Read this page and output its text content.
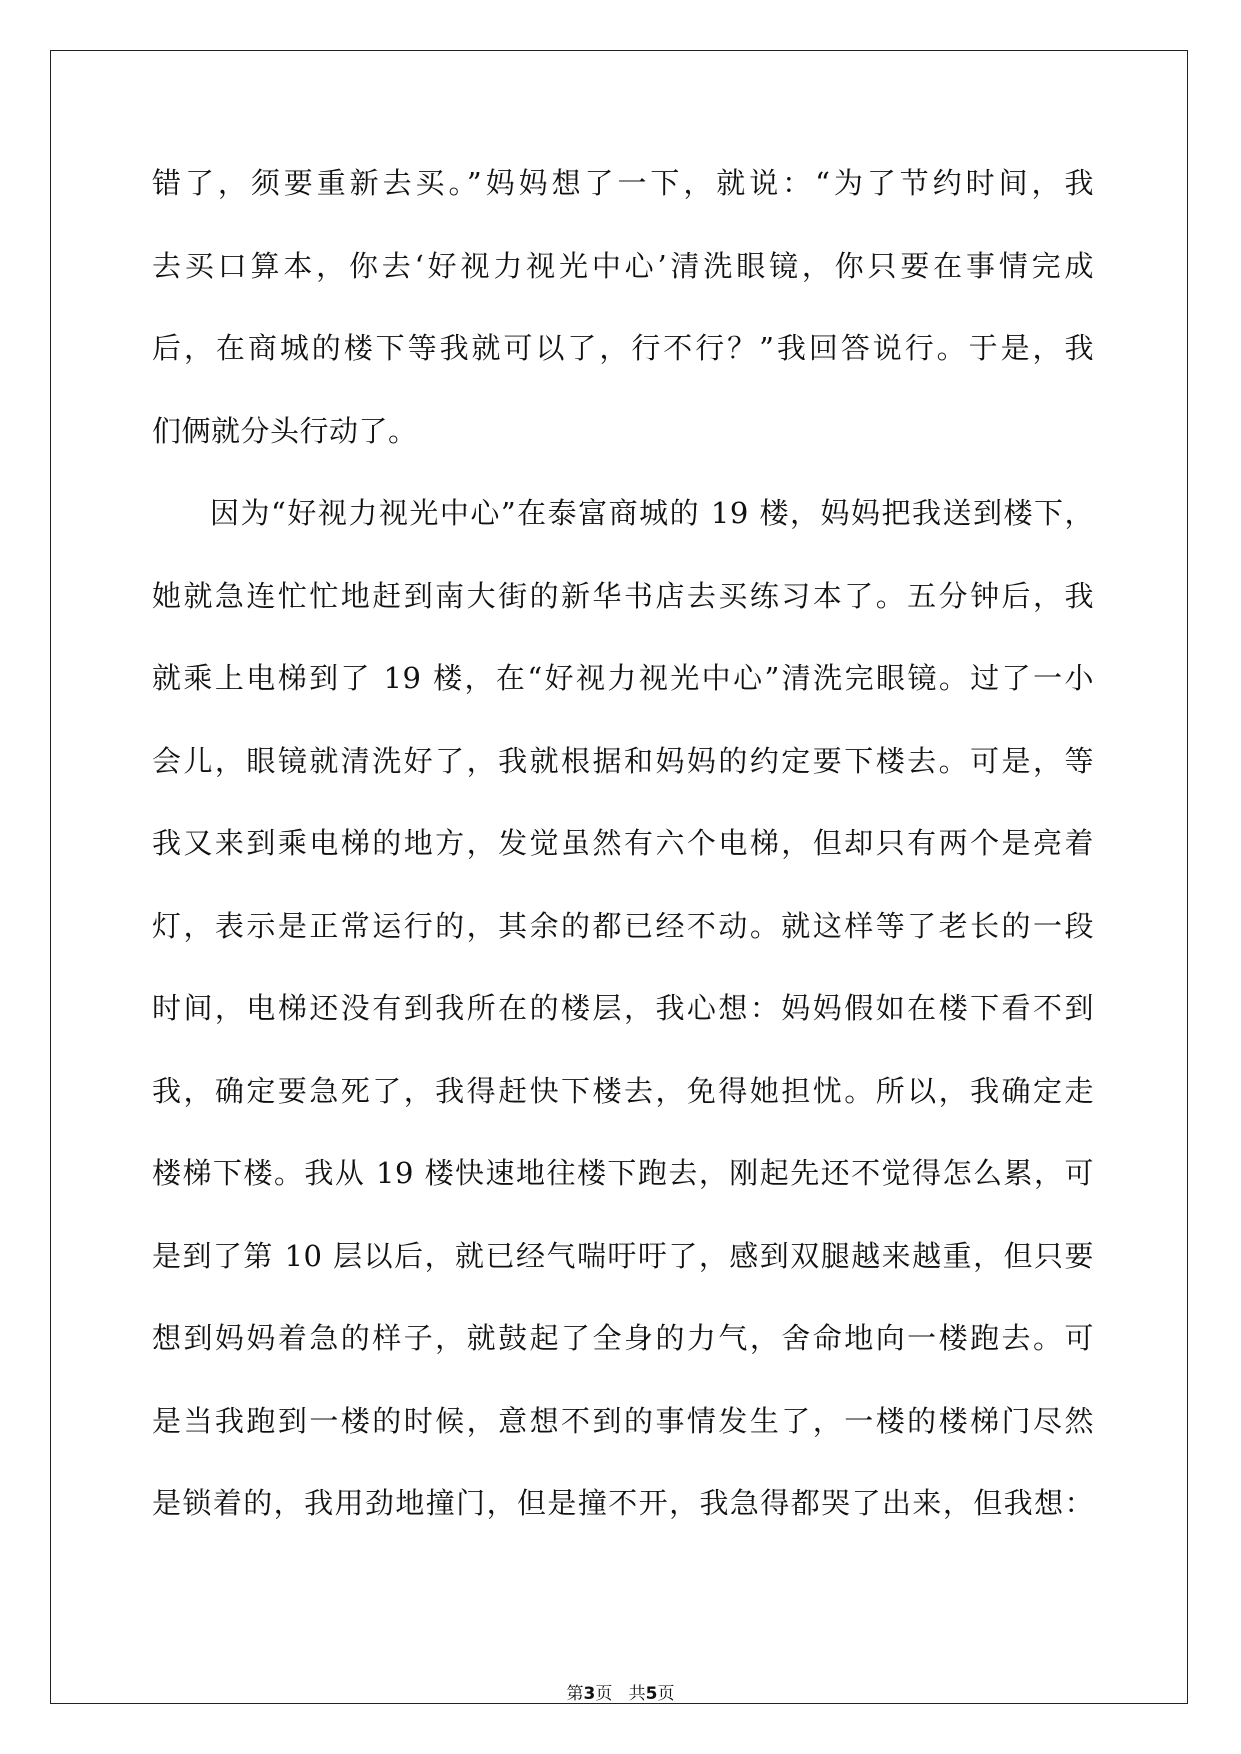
错了，须要重新去买。”妈妈想了一下，就说：“为了节约时间，我
去买口算本，你去‘好视力视光中心’清洗眼镜，你只要在事情完成
后，在商城的楼下等我就可以了，行不行？”我回答说行。于是，我
们俩就分头行动了。
因为“好视力视光中心”在泰富商城的 19 楼，妈妈把我送到楼下，
她就急连忙忙地赶到南大街的新华书店去买练习本了。五分钟后，我
就乘上电梯到了 19 楼，在“好视力视光中心”清洗完眼镜。过了一小
会儿，眼镜就清洗好了，我就根据和妈妈的约定要下楼去。可是，等
我又来到乘电梯的地方，发觉虽然有六个电梯，但却只有两个是亮着
灯，表示是正常运行的，其余的都已经不动。就这样等了老长的一段
时间，电梯还没有到我所在的楼层，我心想：妈妈假如在楼下看不到
我，确定要急死了，我得赶快下楼去，免得她担忧。所以，我确定走
楼梯下楼。我从 19 楼快速地往楼下跑去，刚起先还不觉得怎么累，可
是到了第 10 层以后，就已经气喘吁吁了，感到双腿越来越重，但只要
想到妈妈着急的样子，就鼓起了全身的力气，舍命地向一楼跑去。可
是当我跑到一楼的时候，意想不到的事情发生了，一楼的楼梯门尽然
是锁着的，我用劲地撞门，但是撞不开，我急得都哭了出来，但我想：
第3页 共5页
